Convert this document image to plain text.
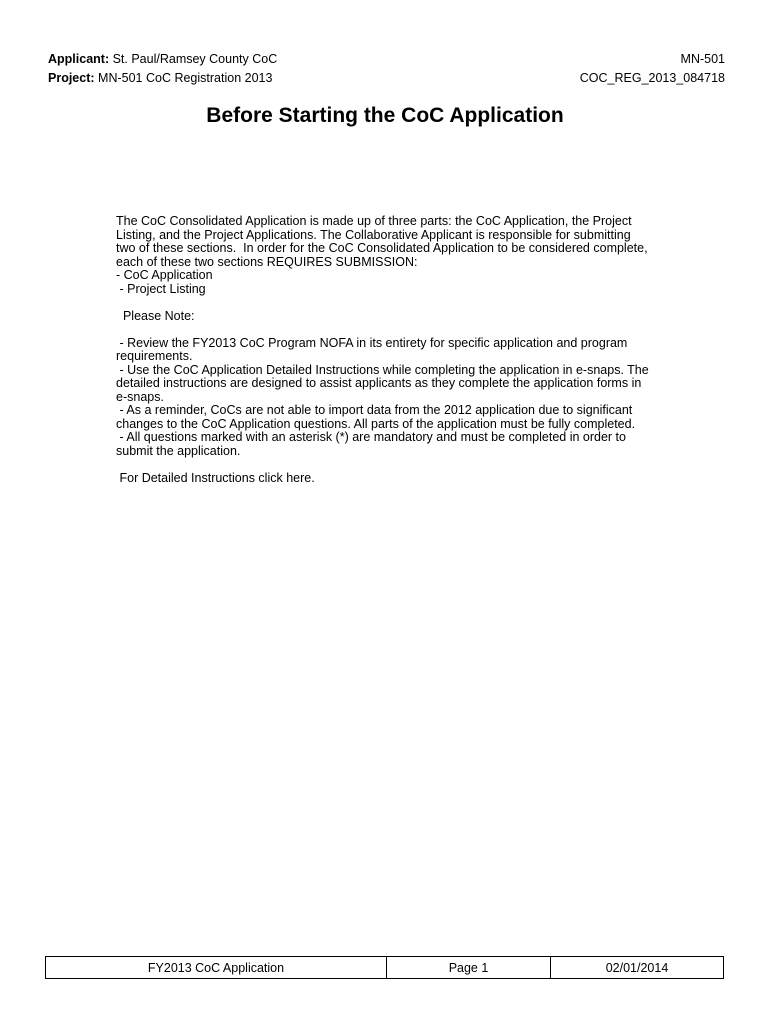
Applicant: St. Paul/Ramsey County CoC	MN-501
Project: MN-501 CoC Registration 2013	COC_REG_2013_084718
Before Starting the CoC Application

The CoC Consolidated Application is made up of three parts: the CoC Application, the Project

Listing, and the Project Applications. The Collaborative Applicant is responsible for submitting

two of these sections.  In order for the CoC Consolidated Application to be considered complete,

each of these two sections REQUIRES SUBMISSION:

- CoC Application

- Project Listing

Please Note:

- Review the FY2013 CoC Program NOFA in its entirety for specific application and program

requirements.

- Use the CoC Application Detailed Instructions while completing the application in e-snaps. The

detailed instructions are designed to assist applicants as they complete the application forms in

e-snaps.

- As a reminder, CoCs are not able to import data from the 2012 application due to significant

changes to the CoC Application questions. All parts of the application must be fully completed.

- All questions marked with an asterisk (*) are mandatory and must be completed in order to

submit the application.

For Detailed Instructions click here.

FY2013 CoC Application	Page 1	02/01/2014
